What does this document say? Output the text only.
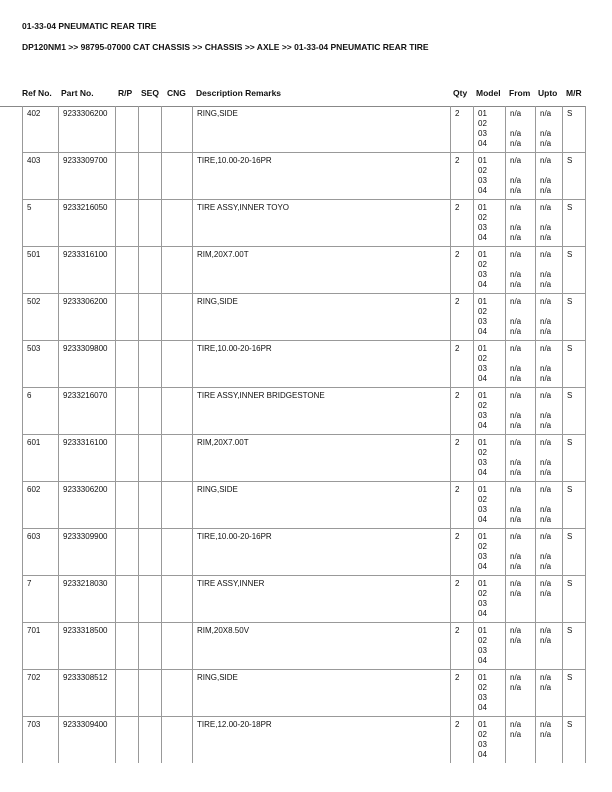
01-33-04 PNEUMATIC REAR TIRE
DP120NM1 >> 98795-07000 CAT CHASSIS >> CHASSIS >> AXLE >> 01-33-04 PNEUMATIC REAR TIRE
Ref No. Part No.	R/P SEQ CNG Description Remarks	Qty Model From Upto M/R
402	9233306200				RING,SIDE	2	01
02
03
04	n/a
n/a
n/a	n/a
n/a
n/a	S
403	9233309700				TIRE,10.00-20-16PR	2	01
02
03
04	n/a
n/a
n/a	n/a
n/a
n/a	S
5	9233216050				TIRE ASSY,INNER TOYO	2	01
02
03
04	n/a
n/a
n/a	n/a
n/a
n/a	S
501	9233316100				RIM,20X7.00T	2	01
02
03
04	n/a
n/a
n/a	n/a
n/a
n/a	S
502	9233306200				RING,SIDE	2	01
02
03
04	n/a
n/a
n/a	n/a
n/a
n/a	S
503	9233309800				TIRE,10.00-20-16PR	2	01
02
03
04	n/a
n/a
n/a	n/a
n/a
n/a	S
6	9233216070				TIRE ASSY,INNER BRIDGESTONE	2	01
02
03
04	n/a
n/a
n/a	n/a
n/a
n/a	S
601	9233316100				RIM,20X7.00T	2	01
02
03
04	n/a
n/a
n/a	n/a
n/a
n/a	S
602	9233306200				RING,SIDE	2	01
02
03
04	n/a
n/a
n/a	n/a
n/a
n/a	S
603	9233309900				TIRE,10.00-20-16PR	2	01
02
03
04	n/a
n/a
n/a	n/a
n/a
n/a	S
7	9233218030				TIRE ASSY,INNER	2	01
02
03
04	n/a
n/a	n/a
n/a	S
701	9233318500				RIM,20X8.50V	2	01
02
03
04	n/a
n/a	n/a
n/a	S
702	9233308512				RING,SIDE	2	01
02
03
04	n/a
n/a	n/a
n/a	S
703	9233309400				TIRE,12.00-20-18PR	2	01
02
03
04	n/a
n/a	n/a
n/a	S
